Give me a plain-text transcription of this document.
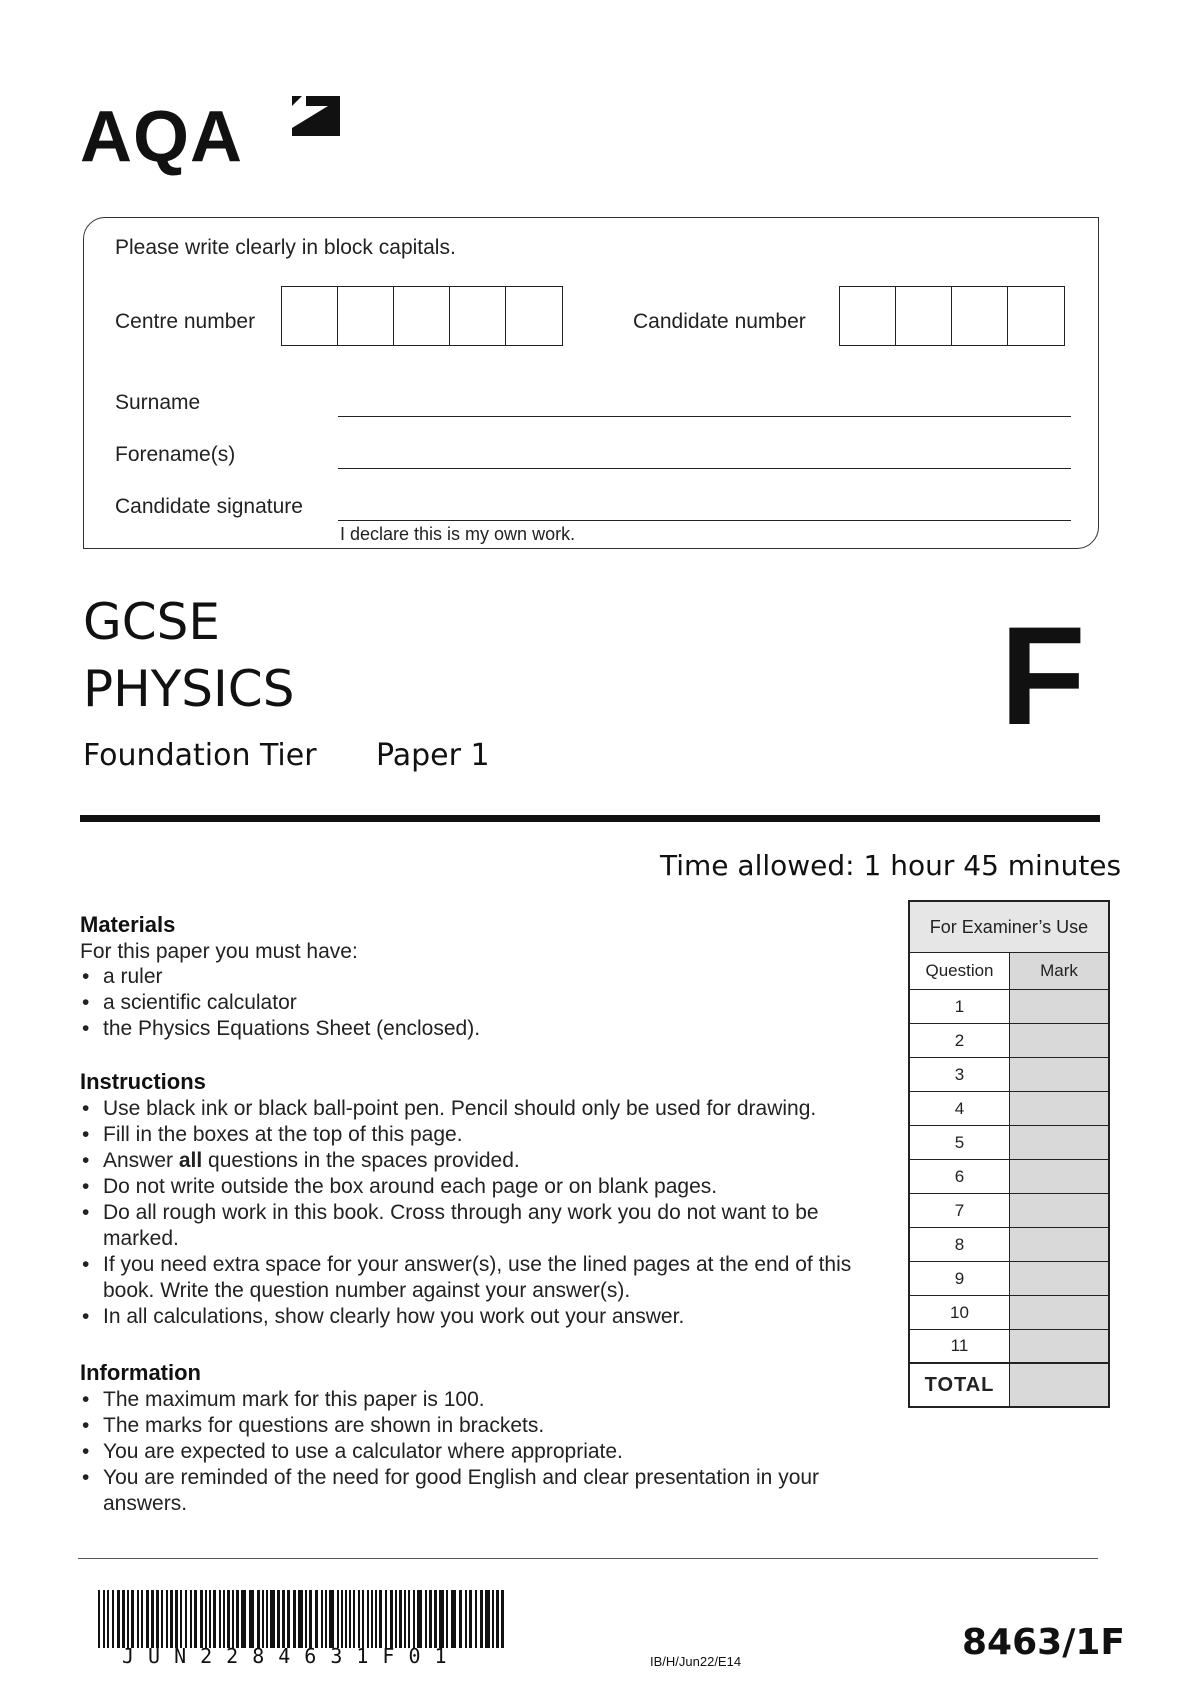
AQA
Please write clearly in block capitals.
Centre number	Candidate number
Surname
Forename(s)
Candidate signature
I declare this is my own work.
GCSE
PHYSICS
Foundation Tier Paper 1
F
Time allowed: 1 hour 45 minutes
Materials
For this paper you must have:
• a ruler
• a scientific calculator
• the Physics Equations Sheet (enclosed).
Instructions
• Use black ink or black ball-point pen. Pencil should only be used for drawing.
• Fill in the boxes at the top of this page.
• Answer all questions in the spaces provided.
• Do not write outside the box around each page or on blank pages.
• Do all rough work in this book. Cross through any work you do not want to be marked.
• If you need extra space for your answer(s), use the lined pages at the end of this book. Write the question number against your answer(s).
• In all calculations, show clearly how you work out your answer.
Information
• The maximum mark for this paper is 100.
• The marks for questions are shown in brackets.
• You are expected to use a calculator where appropriate.
• You are reminded of the need for good English and clear presentation in your answers.
For Examiner’s Use
Question	Mark
1
2
3
4
5
6
7
8
9
10
11
TOTAL
JUN2284631F01	IB/H/Jun22/E14	8463/1F
